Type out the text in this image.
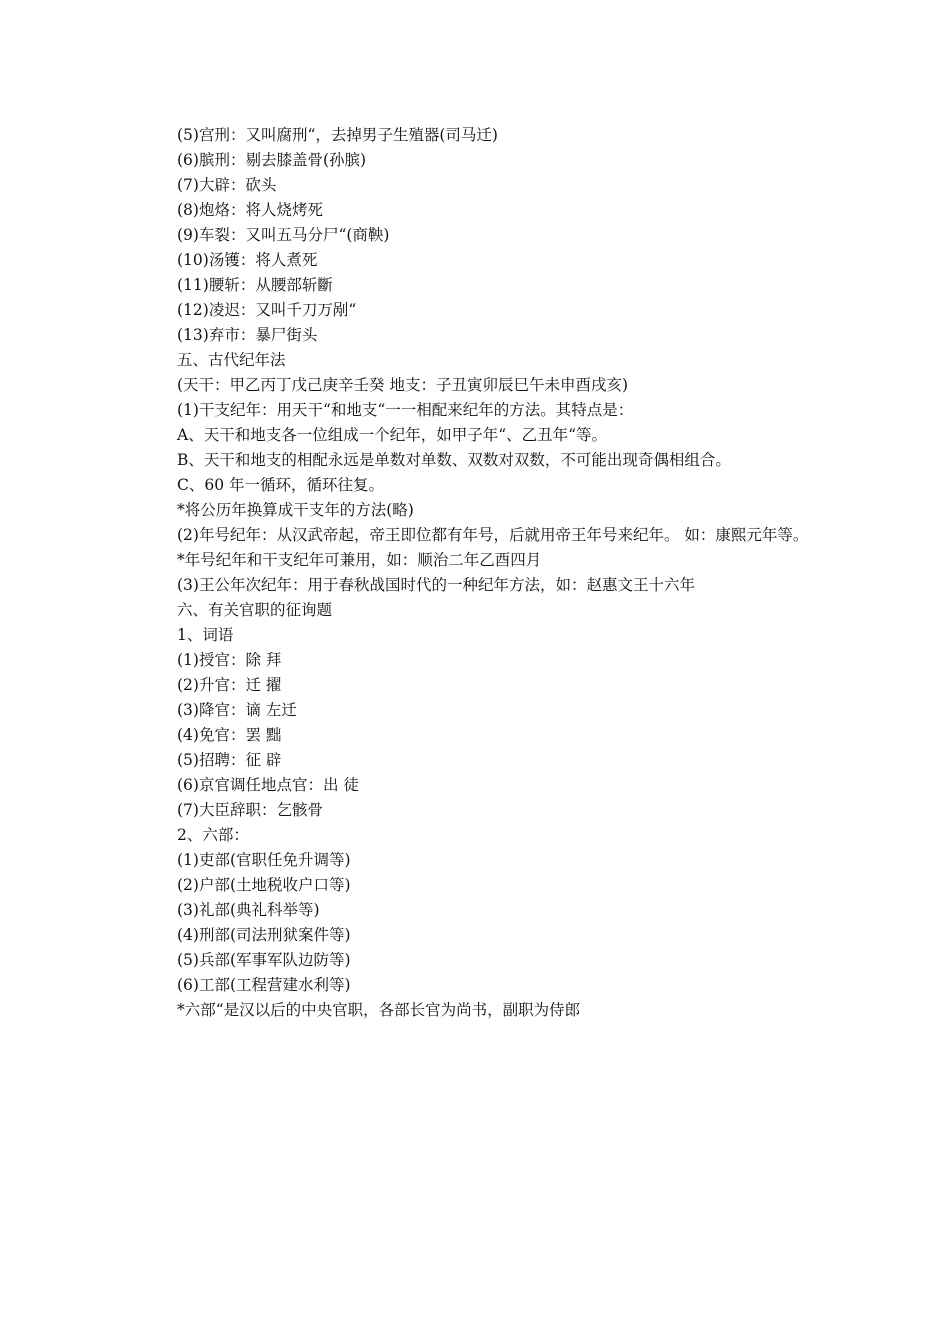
(5)宫刑：又叫腐刑“，去掉男子生殖器(司马迁)

(6)膑刑：剔去膝盖骨(孙膑)

(7)大辟：砍头

(8)炮烙：将人烧烤死

(9)车裂：又叫五马分尸“(商鞅)

(10)汤镬：将人煮死

(11)腰斩：从腰部斩斷

(12)凌迟：又叫千刀万剐“

(13)弃市：暴尸街头

五、古代纪年法

(天干：甲乙丙丁戊己庚辛壬癸 地支：子丑寅卯辰巳午未申酉戌亥)

(1)干支纪年：用天干“和地支“一一相配来纪年的方法。其特点是：

A、天干和地支各一位组成一个纪年，如甲子年“、乙丑年“等。

B、天干和地支的相配永远是单数对单数、双数对双数，不可能出现奇偶相组合。

C、60 年一循环，循环往复。

*将公历年换算成干支年的方法(略)

(2)年号纪年：从汉武帝起，帝王即位都有年号，后就用帝王年号来纪年。 如：康熙元年等。

*年号纪年和干支纪年可兼用，如：顺治二年乙酉四月

(3)王公年次纪年：用于春秋战国时代的一种纪年方法，如：赵惠文王十六年

六、有关官职的征询题

1、词语

(1)授官：除 拜

(2)升官：迁 擢

(3)降官：谪 左迁

(4)免官：罢 黜

(5)招聘：征 辟

(6)京官调任地点官：出 徒

(7)大臣辞职：乞骸骨

2、六部：

(1)吏部(官职任免升调等)

(2)户部(土地税收户口等)

(3)礼部(典礼科举等)

(4)刑部(司法刑狱案件等)

(5)兵部(军事军队边防等)

(6)工部(工程营建水利等)

*六部“是汉以后的中央官职，各部长官为尚书，副职为侍郎
